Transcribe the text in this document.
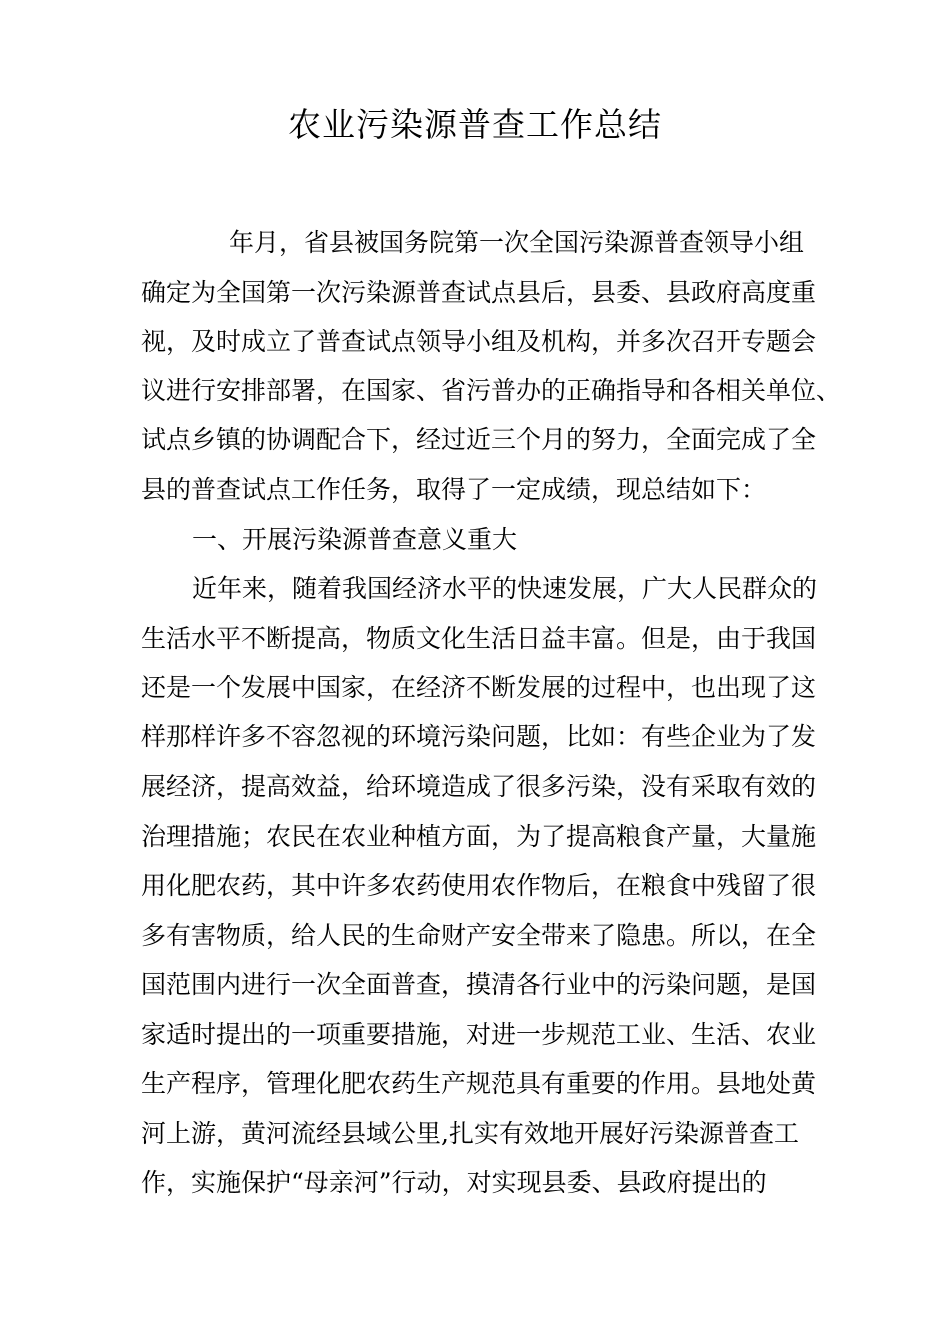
农业污染源普查工作总结

年月，省县被国务院第一次全国污染源普查领导小组

确定为全国第一次污染源普查试点县后，县委、县政府高度重

视，及时成立了普查试点领导小组及机构，并多次召开专题会

议进行安排部署，在国家、省污普办的正确指导和各相关单位、

试点乡镇的协调配合下，经过近三个月的努力，全面完成了全

县的普查试点工作任务，取得了一定成绩，现总结如下：

一、开展污染源普查意义重大

近年来，随着我国经济水平的快速发展，广大人民群众的

生活水平不断提高，物质文化生活日益丰富。但是，由于我国

还是一个发展中国家，在经济不断发展的过程中，也出现了这

样那样许多不容忽视的环境污染问题，比如：有些企业为了发

展经济，提高效益，给环境造成了很多污染，没有采取有效的

治理措施；农民在农业种植方面，为了提高粮食产量，大量施

用化肥农药，其中许多农药使用农作物后，在粮食中残留了很

多有害物质，给人民的生命财产安全带来了隐患。所以，在全

国范围内进行一次全面普查，摸清各行业中的污染问题，是国

家适时提出的一项重要措施，对进一步规范工业、生活、农业

生产程序，管理化肥农药生产规范具有重要的作用。县地处黄

河上游，黄河流经县域公里,扎实有效地开展好污染源普查工

作，实施保护“母亲河”行动，对实现县委、县政府提出的
